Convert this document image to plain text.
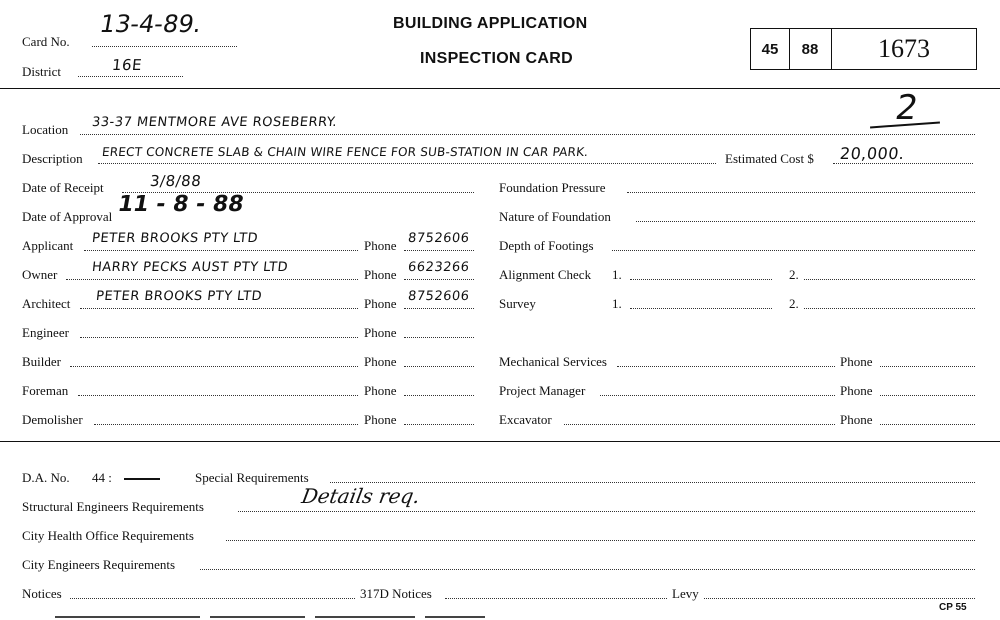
Card No.
13-4-89.
District	16E
BUILDING APPLICATION
INSPECTION CARD
45	88	1673
2
Location 33-37 MENTMORE AVE ROSEBERRY.
Description ERECT CONCRETE SLAB & CHAIN WIRE FENCE FOR SUB-STATION IN CAR PARK.	Estimated Cost $ 20,000.
Date of Receipt	3/8/88
Date of Approval 11 - 8 - 88
Applicant PETER BROOKS PTY LTD	Phone 8752606
Owner	HARRY PECKS AUST PTY LTD	Phone 6623266
Architect PETER BROOKS PTY LTD	Phone 8752606
Engineer	Phone
Builder	Phone
Foreman	Phone
Demolisher	Phone
Foundation Pressure
Nature of Foundation
Depth of Footings
Alignment Check 1.	2.
Survey	1.	2.
Mechanical Services	Phone
Project Manager	Phone
Excavator	Phone
D.A. No. 44 :	Special Requirements
Structural Engineers Requirements	Details req.
City Health Office Requirements
City Engineers Requirements
Notices	317D Notices	Levy
CP 55
